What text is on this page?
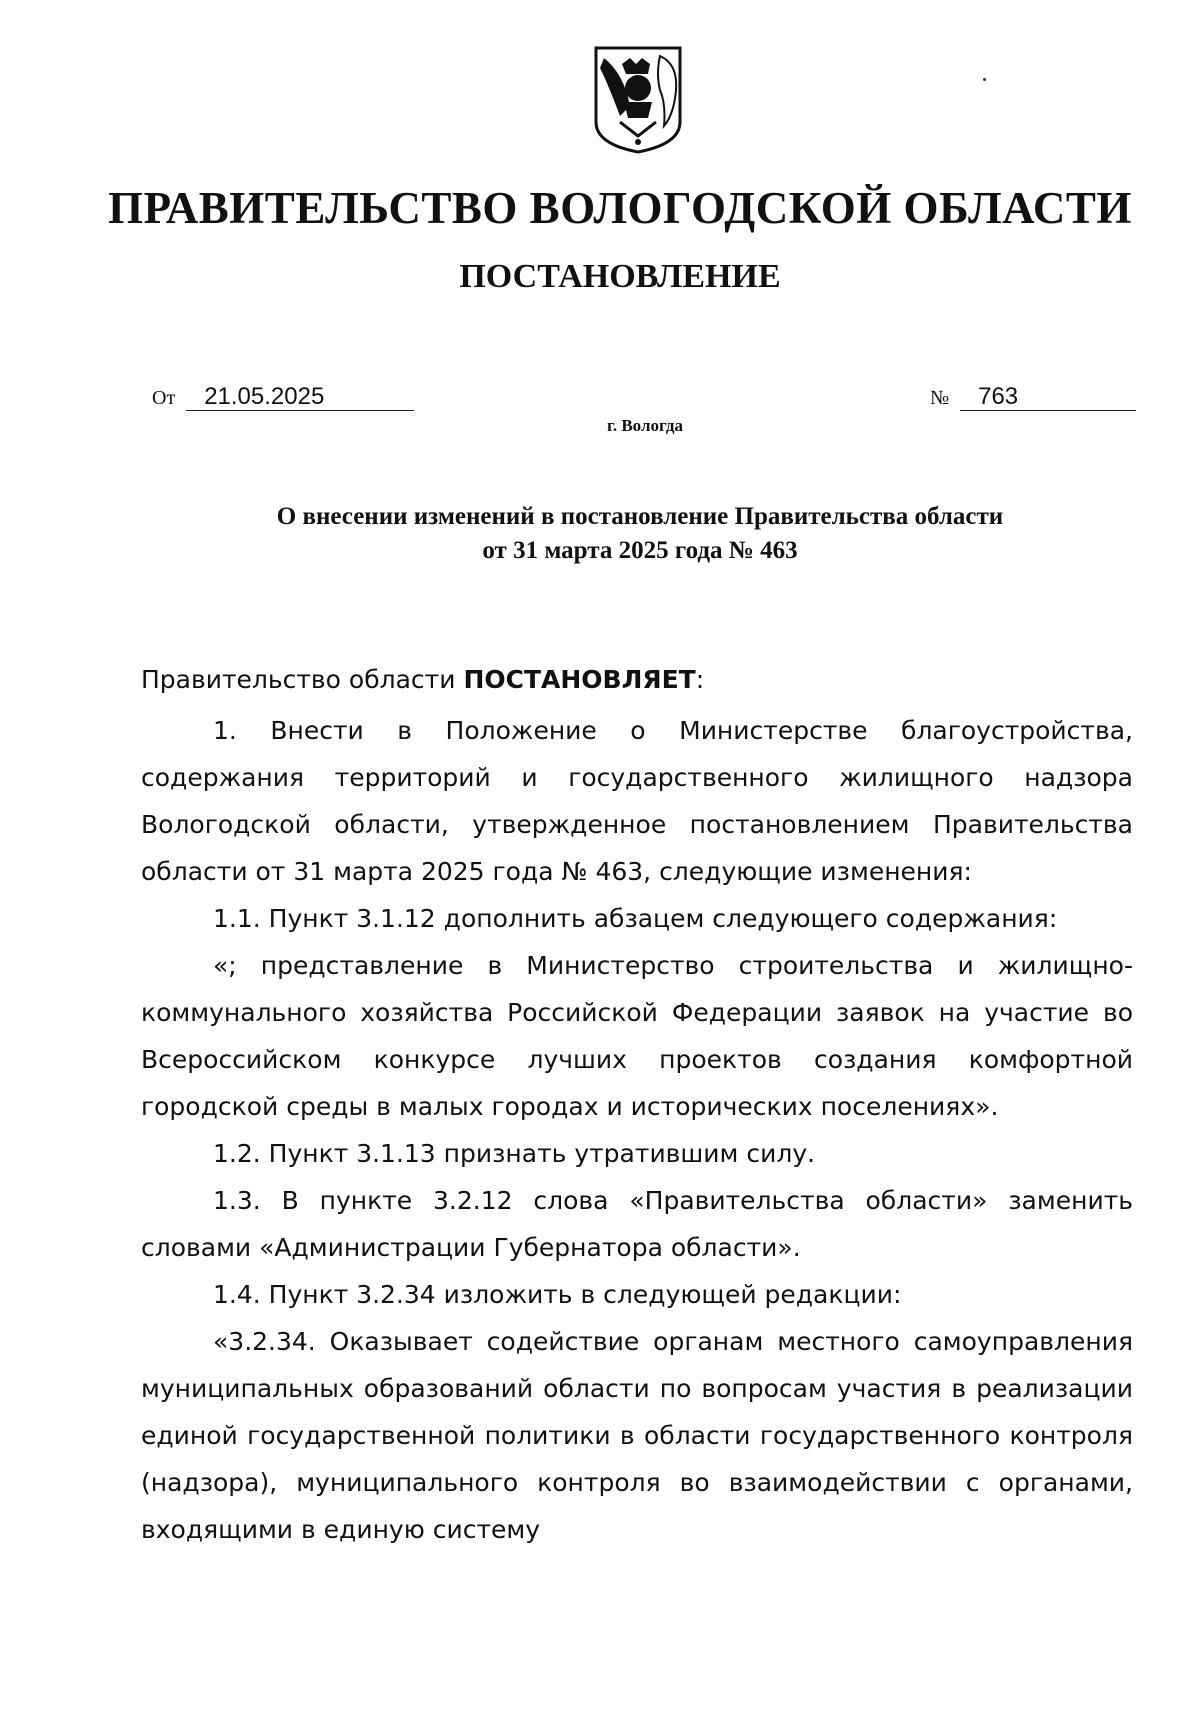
ПРАВИТЕЛЬСТВО ВОЛОГОДСКОЙ ОБЛАСТИ
ПОСТАНОВЛЕНИЕ
От 21.05.2025	№ 763
г. Вологда
О внесении изменений в постановление Правительства области
от 31 марта 2025 года № 463

Правительство области ПОСТАНОВЛЯЕТ:

1. Внести в Положение о Министерстве благоустройства, содержания территорий и государственного жилищного надзора Вологодской области, утвержденное постановлением Правительства области от 31 марта 2025 года № 463, следующие изменения:

1.1. Пункт 3.1.12 дополнить абзацем следующего содержания:

«; представление в Министерство строительства и жилищно-коммунального хозяйства Российской Федерации заявок на участие во Всероссийском конкурсе лучших проектов создания комфортной городской среды в малых городах и исторических поселениях».

1.2. Пункт 3.1.13 признать утратившим силу.

1.3. В пункте 3.2.12 слова «Правительства области» заменить словами «Администрации Губернатора области».

1.4. Пункт 3.2.34 изложить в следующей редакции:

«3.2.34. Оказывает содействие органам местного самоуправления муниципальных образований области по вопросам участия в реализации единой государственной политики в области государственного контроля (надзора), муниципального контроля во взаимодействии с органами, входящими в единую систему
